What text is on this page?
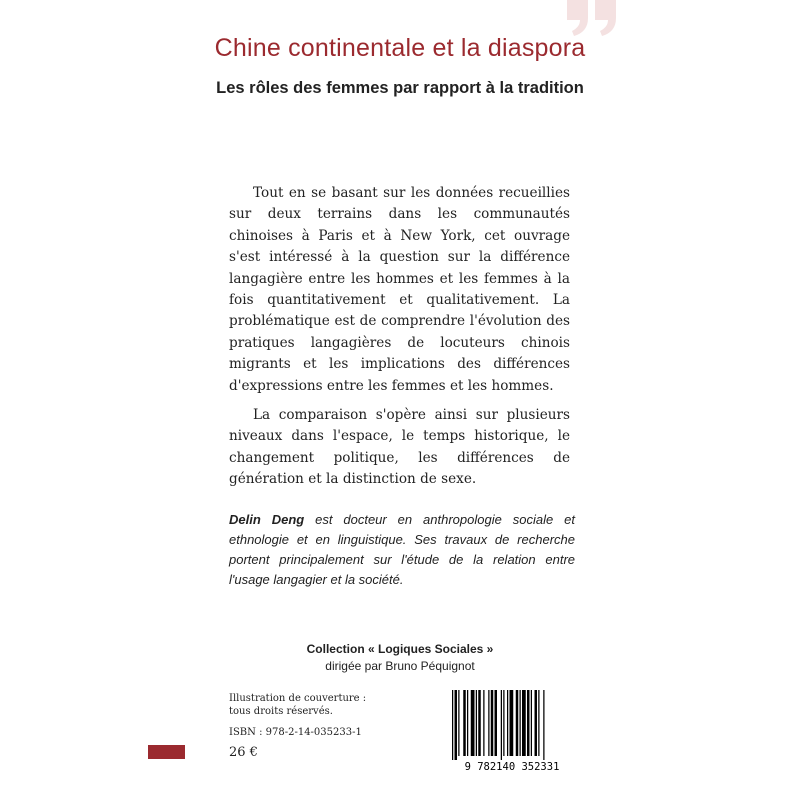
Chine continentale et la diaspora
Les rôles des femmes par rapport à la tradition

Tout en se basant sur les données recueillies sur deux terrains dans les communautés chinoises à Paris et à New York, cet ouvrage s'est intéressé à la question sur la différence langagière entre les hommes et les femmes à la fois quantitativement et qualitativement. La problématique est de comprendre l'évolution des pratiques langagières de locuteurs chinois migrants et les implications des différences d'expressions entre les femmes et les hommes.

La comparaison s'opère ainsi sur plusieurs niveaux dans l'espace, le temps historique, le changement politique, les différences de génération et la distinction de sexe.

Delin Deng est docteur en anthropologie sociale et ethnologie et en linguistique. Ses travaux de recherche portent principalement sur l'étude de la relation entre l'usage langagier et la société.
Collection « Logiques Sociales »
dirigée par Bruno Péquignot
Illustration de couverture :
tous droits réservés.
ISBN : 978-2-14-035233-1
26 €
9 782140 352331
